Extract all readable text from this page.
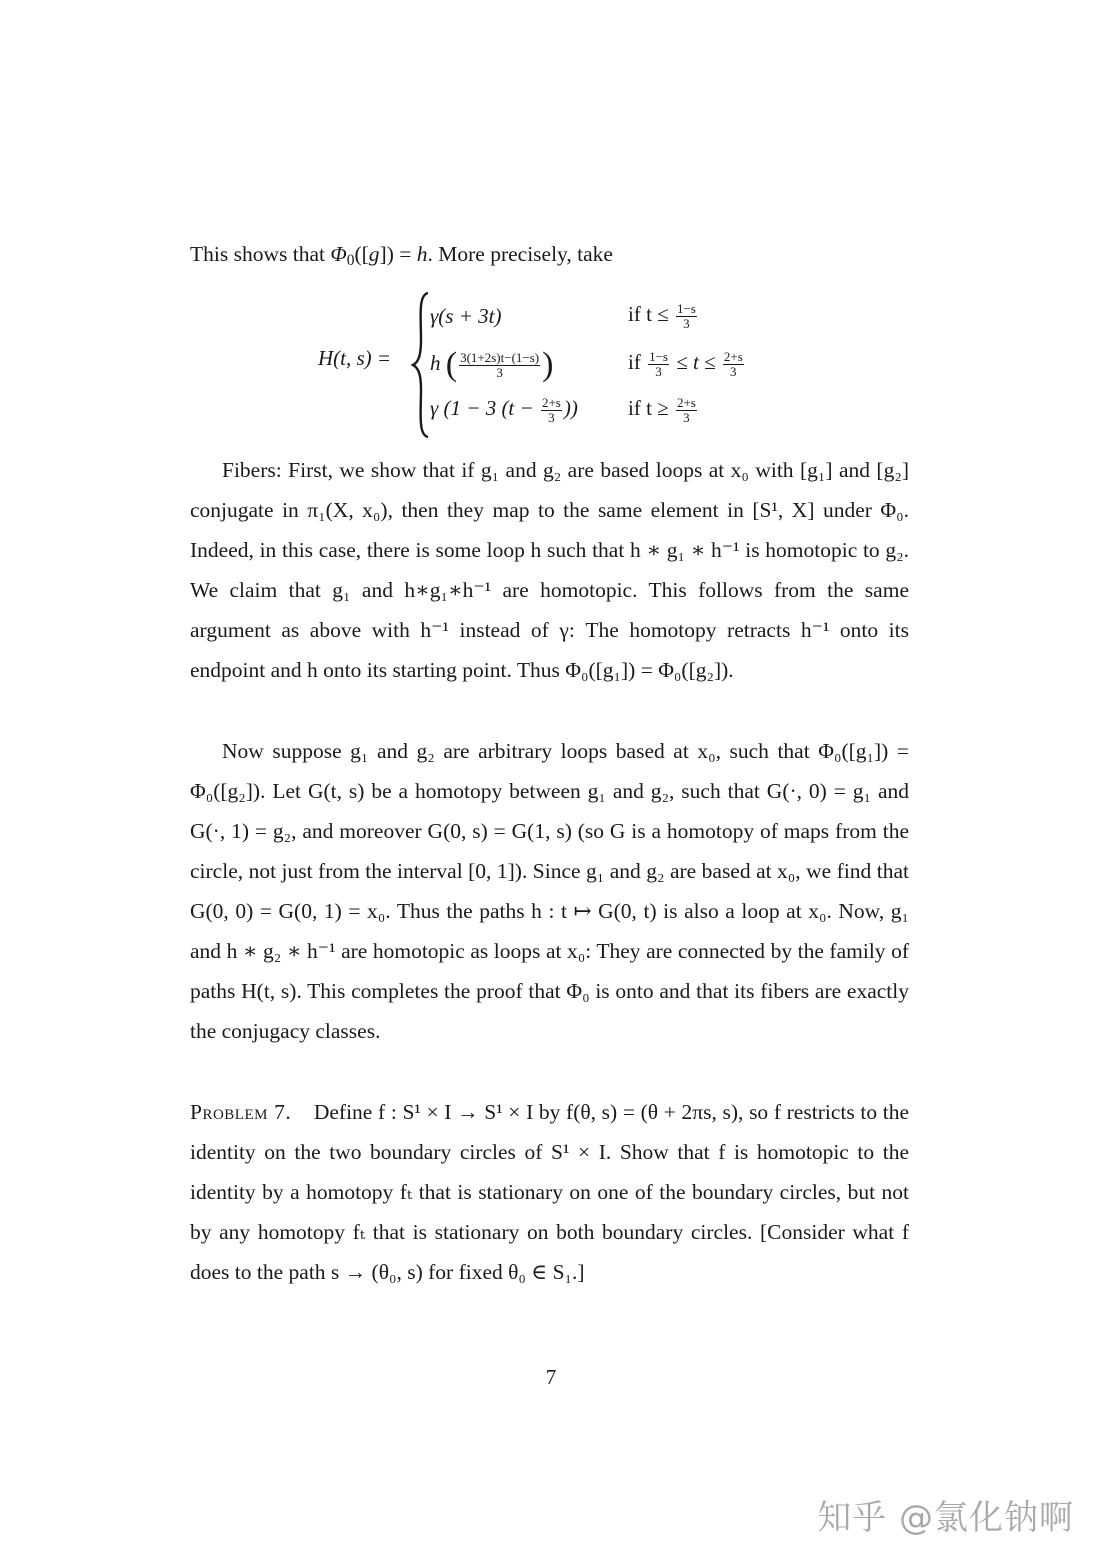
This shows that $\Phi_0([g]) = h$. More precisely, take
H(t, s) =
γ(s + 3t)	if $t \le \frac{1-s}{3}$
h ( $\frac{3(1+2s)t-(1-s)}{3}$ )	if $\frac{1-s}{3} \le t \le \frac{2+s}{3}$
γ (1 − 3 ($t - \frac{2+s}{3}$ )) if $t \ge \frac{2+s}{3}$
Fibers: First, we show that if g₁ and g₂ are based loops at x₀ with [g₁] and [g₂] conjugate in π₁(X, x₀), then they map to the same element in [S¹, X] under Φ₀. Indeed, in this case, there is some loop h such that h ∗ g₁ ∗ h⁻¹ is homotopic to g₂. We claim that g₁ and h∗g₁∗h⁻¹ are homotopic. This follows from the same argument as above with h⁻¹ instead of γ: The homotopy retracts h⁻¹ onto its endpoint and h onto its starting point. Thus Φ₀([g₁]) = Φ₀([g₂]).
Now suppose g₁ and g₂ are arbitrary loops based at x₀, such that Φ₀([g₁]) = Φ₀([g₂]). Let G(t, s) be a homotopy between g₁ and g₂, such that G(·, 0) = g₁ and G(·, 1) = g₂, and moreover G(0, s) = G(1, s) (so G is a homotopy of maps from the circle, not just from the interval [0, 1]). Since g₁ and g₂ are based at x₀, we find that G(0, 0) = G(0, 1) = x₀. Thus the paths h : t ↦ G(0, t) is also a loop at x₀. Now, g₁ and h ∗ g₂ ∗ h⁻¹ are homotopic as loops at x₀: They are connected by the family of paths H(t, s). This completes the proof that Φ₀ is onto and that its fibers are exactly the conjugacy classes.
Problem 7. Define f : S¹ × I → S¹ × I by f(θ, s) = (θ + 2πs, s), so f restricts to the identity on the two boundary circles of S¹ × I. Show that f is homotopic to the identity by a homotopy fₜ that is stationary on one of the boundary circles, but not by any homotopy fₜ that is stationary on both boundary circles. [Consider what f does to the path s → (θ₀, s) for fixed θ₀ ∈ S₁.]
7
知乎 @氯化钠啊
